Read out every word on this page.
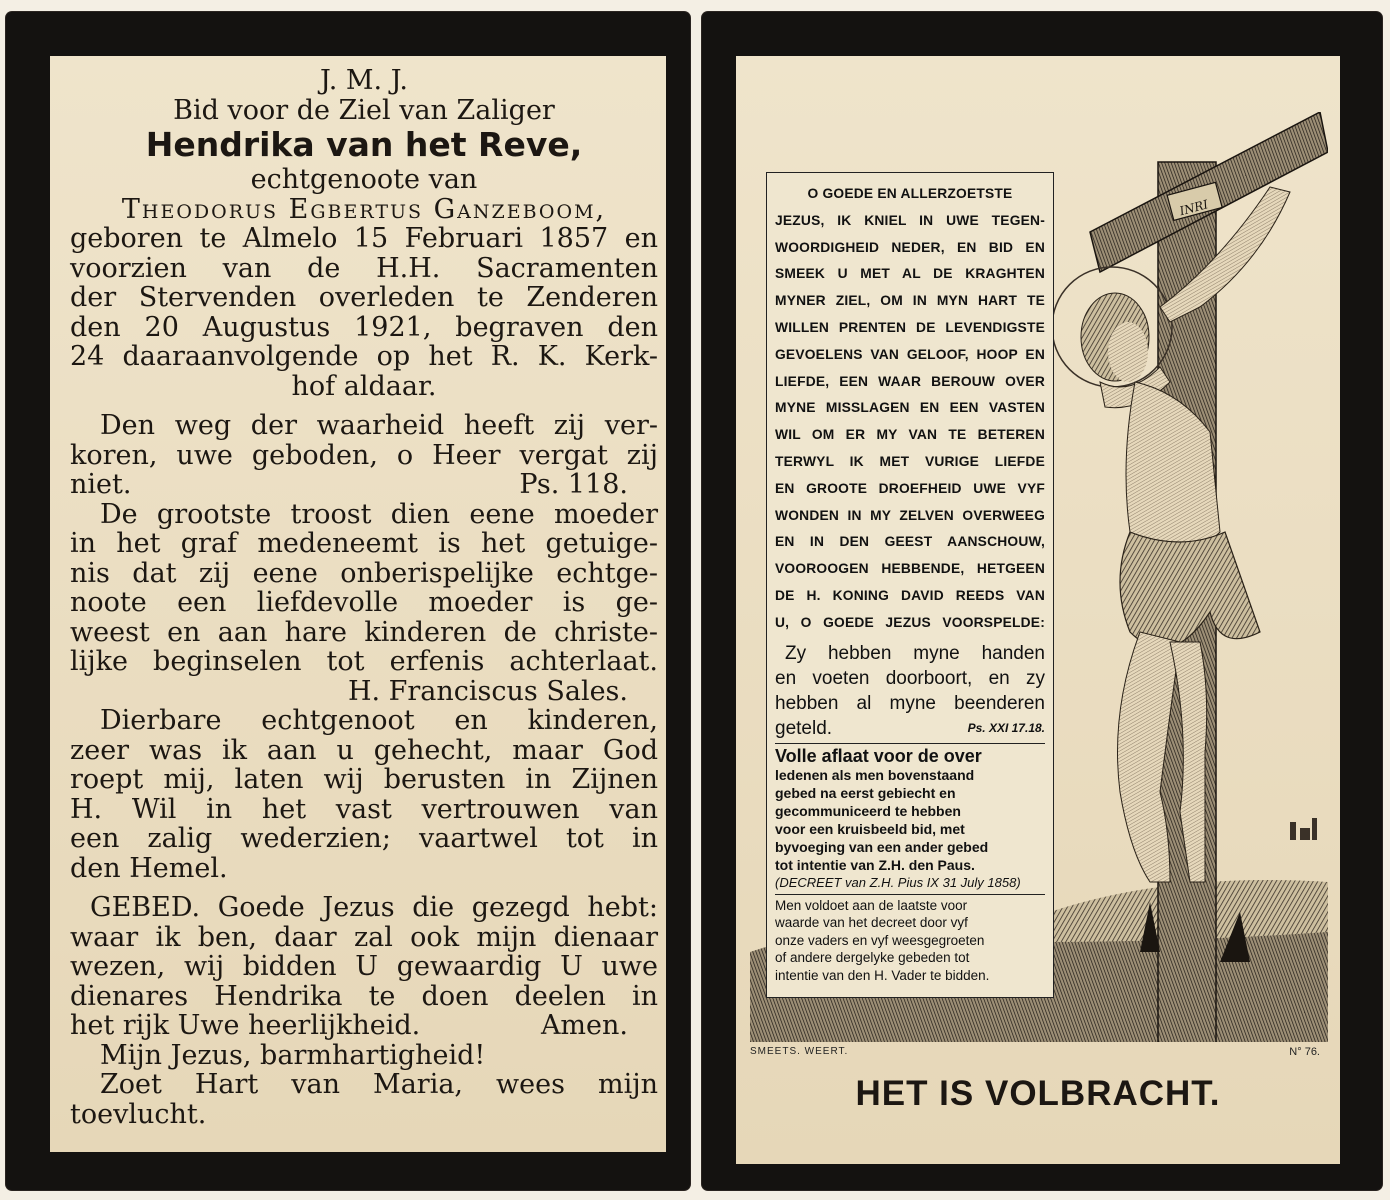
J. M. J.
Bid voor de Ziel van Zaliger
Hendrika van het Reve,
echtgenoote van
Theodorus Egbertus Ganzeboom,
geboren te Almelo 15 Februari 1857 en
voorzien van de H.H. Sacramenten
der Stervenden overleden te Zenderen
den 20 Augustus 1921, begraven den
24 daaraanvolgende op het R. K. Kerk-
hof aldaar.
Den weg der waarheid heeft zij ver-
koren, uwe geboden, o Heer vergat zij
niet.	Ps. 118.
De grootste troost dien eene moeder
in het graf medeneemt is het getuige-
nis dat zij eene onberispelijke echtge-
noote een liefdevolle moeder is ge-
weest en aan hare kinderen de christe-
lijke beginselen tot erfenis achterlaat.
H. Franciscus Sales.
Dierbare echtgenoot en kinderen,
zeer was ik aan u gehecht, maar God
roept mij, laten wij berusten in Zijnen
H. Wil in het vast vertrouwen van
een zalig wederzien; vaartwel tot in
den Hemel.
GEBED. Goede Jezus die gezegd hebt:
waar ik ben, daar zal ook mijn dienaar
wezen, wij bidden U gewaardig U uwe
dienares Hendrika te doen deelen in
het rijk Uwe heerlijkheid.	Amen.
Mijn Jezus, barmhartigheid!
Zoet Hart van Maria, wees mijn
toevlucht.
INRI
O GOEDE EN ALLERZOETSTE
JEZUS, IK KNIEL IN UWE TEGEN-
WOORDIGHEID NEDER, EN BID EN
SMEEK U MET AL DE KRAGHTEN
MYNER ZIEL, OM IN MYN HART TE
WILLEN PRENTEN DE LEVENDIGSTE
GEVOELENS VAN GELOOF, HOOP EN
LIEFDE, EEN WAAR BEROUW OVER
MYNE MISSLAGEN EN EEN VASTEN
WIL OM ER MY VAN TE BETEREN
TERWYL IK MET VURIGE LIEFDE
EN GROOTE DROEFHEID UWE VYF
WONDEN IN MY ZELVEN OVERWEEG
EN IN DEN GEEST AANSCHOUW,
VOOROOGEN HEBBENDE, HETGEEN
DE H. KONING DAVID REEDS VAN
U, O GOEDE JEZUS VOORSPELDE:
Zy hebben myne handen
en voeten doorboort, en zy
hebben al myne beenderen
geteld.	Ps. XXI 17.18.
Volle aflaat voor de over
ledenen als men bovenstaand
gebed na eerst gebiecht en
gecommuniceerd te hebben
voor een kruisbeeld bid, met
byvoeging van een ander gebed
tot intentie van Z.H. den Paus.
(DECREET van Z.H. Pius IX 31 July 1858)
Men voldoet aan de laatste voor
waarde van het decreet door vyf
onze vaders en vyf weesgegroeten
of andere dergelyke gebeden tot
intentie van den H. Vader te bidden.
SMEETS. WEERT.	N° 76.
HET IS VOLBRACHT.
